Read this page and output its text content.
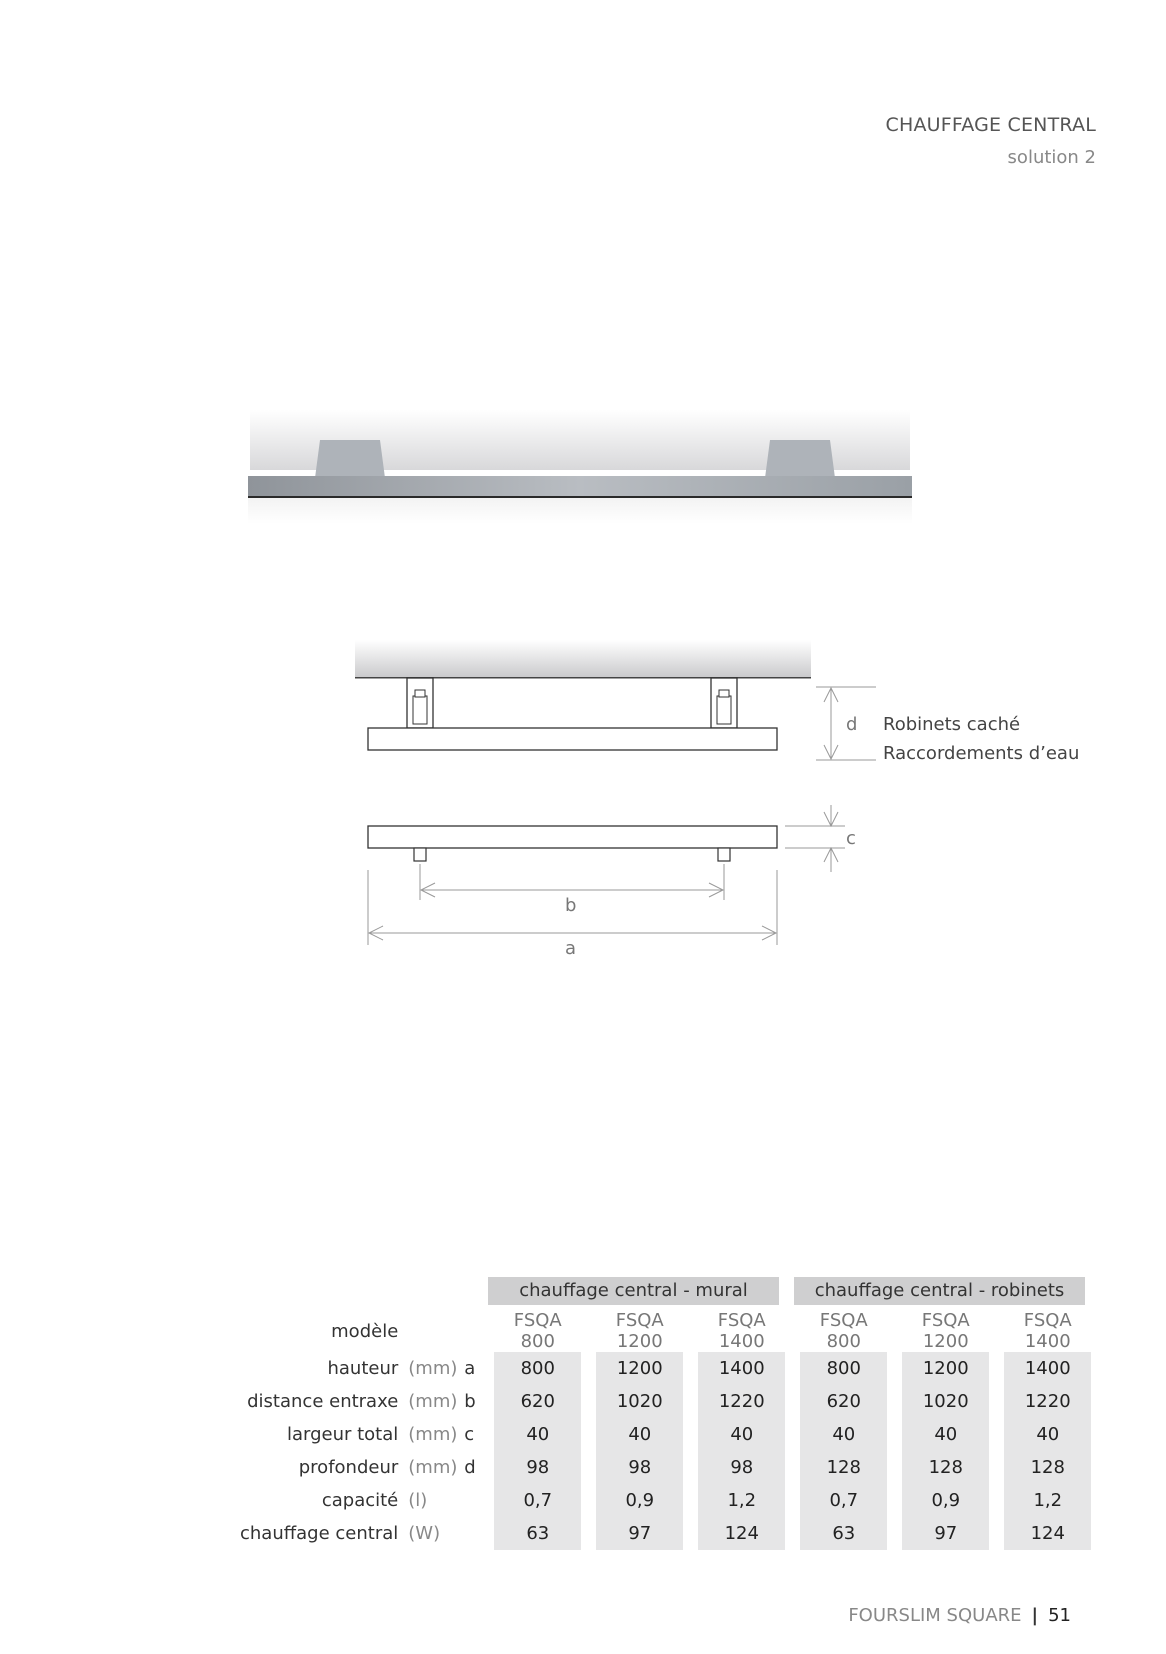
CHAUFFAGE CENTRAL
solution 2
d
c
b
a
Robinets caché
Raccordements d’eau
chauffage central - mural	chauffage central - robinets
modèle			FSQA 800		FSQA 1200		FSQA 1400		FSQA 800		FSQA 1200		FSQA 1400
hauteur	(mm)	a	800		1200		1400		800		1200		1400
distance entraxe	(mm)	b	620		1020		1220		620		1020		1220
largeur total	(mm)	c	40		40		40		40		40		40
profondeur	(mm)	d	98		98		98		128		128		128
capacité	(l)		0,7		0,9		1,2		0,7		0,9		1,2
chauffage central	(W)		63		97		124		63		97		124
FOURSLIM SQUARE | 51
